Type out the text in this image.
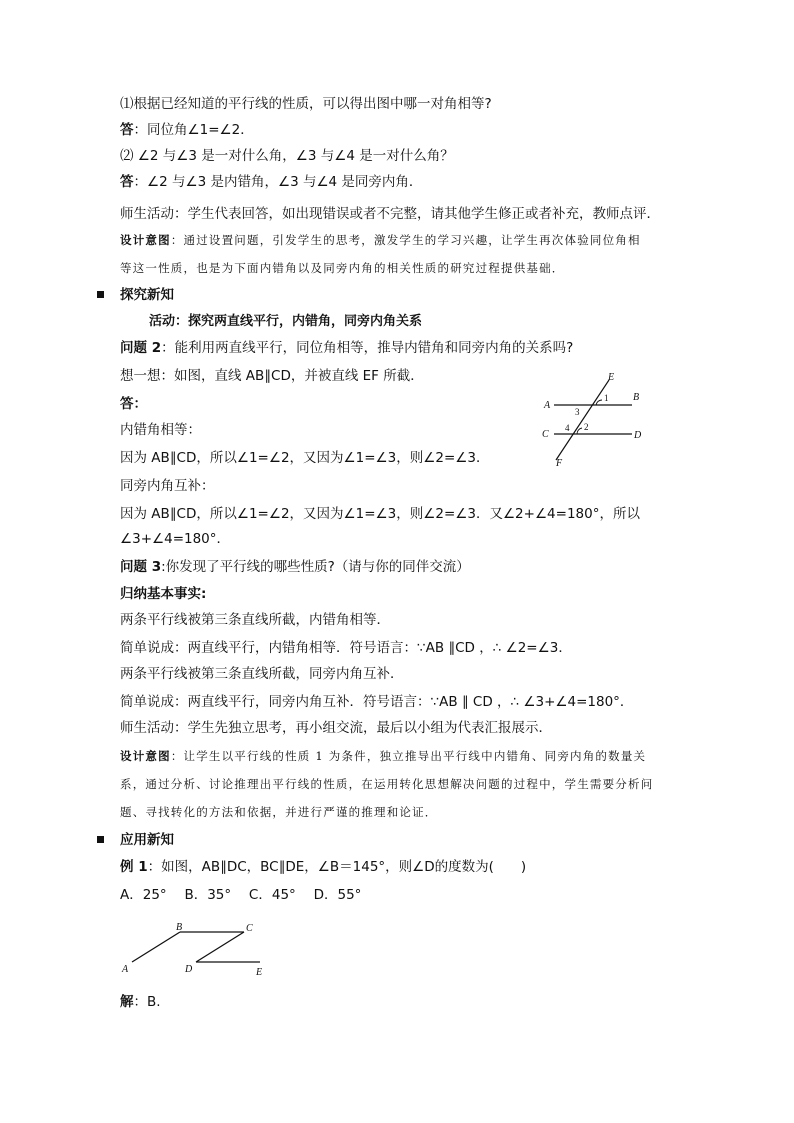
⑴根据已经知道的平行线的性质，可以得出图中哪一对角相等?
答：同位角∠1=∠2．
⑵ ∠2 与∠3 是一对什么角，∠3 与∠4 是一对什么角？
答：∠2 与∠3 是内错角，∠3 与∠4 是同旁内角．
师生活动：学生代表回答，如出现错误或者不完整，请其他学生修正或者补充，教师点评．
设计意图：通过设置问题，引发学生的思考，激发学生的学习兴趣，让学生再次体验同位角相
等这一性质，也是为下面内错角以及同旁内角的相关性质的研究过程提供基础．
探究新知
活动：探究两直线平行，内错角，同旁内角关系
问题 2：能利用两直线平行，同位角相等，推导内错角和同旁内角的关系吗?
想一想：如图，直线 AB∥CD，并被直线 EF 所截．
答：
内错角相等：
因为 AB∥CD，所以∠1=∠2，又因为∠1=∠3，则∠2=∠3．
同旁内角互补：
因为 AB∥CD，所以∠1=∠2，又因为∠1=∠3，则∠2=∠3．又∠2+∠4=180°，所以
∠3+∠4=180°．
A
B
C	D
E
F
1
2
3
4
问题 3:你发现了平行线的哪些性质?（请与你的同伴交流）
归纳基本事实:
两条平行线被第三条直线所截，内错角相等．
简单说成：两直线平行，内错角相等．符号语言：∵AB ∥CD ，∴ ∠2=∠3．
两条平行线被第三条直线所截，同旁内角互补．
简单说成：两直线平行，同旁内角互补．符号语言：∵AB ∥ CD ，∴ ∠3+∠4=180°．
师生活动：学生先独立思考，再小组交流，最后以小组为代表汇报展示．
设计意图：让学生以平行线的性质 1 为条件，独立推导出平行线中内错角、同旁内角的数量关
系，通过分析、讨论推理出平行线的性质，在运用转化思想解决问题的过程中，学生需要分析问
题、寻找转化的方法和依据，并进行严谨的推理和论证．
应用新知
例 1：如图，AB∥DC，BC∥DE，∠B＝145°，则∠D的度数为(　　)
A．25°　 B．35°　 C．45°　 D．55°
A
B	C
D	E
解：B.
